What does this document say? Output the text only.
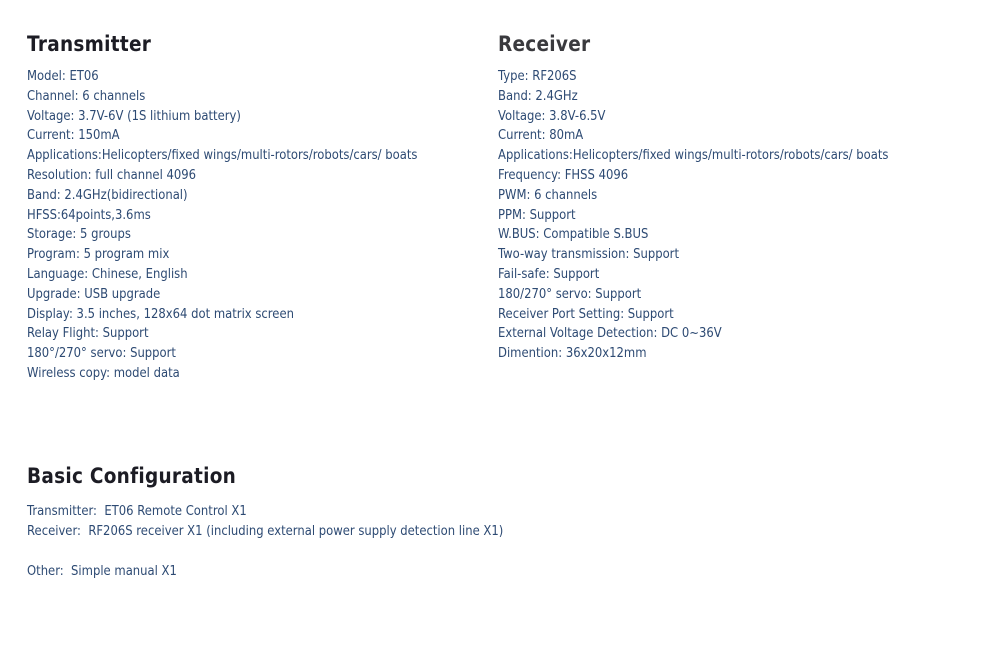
Transmitter
Model: ET06
Channel: 6 channels
Voltage: 3.7V-6V (1S lithium battery)
Current: 150mA
Applications:Helicopters/fixed wings/multi-rotors/robots/cars/ boats
Resolution: full channel 4096
Band: 2.4GHz(bidirectional)
HFSS:64points,3.6ms
Storage: 5 groups
Program: 5 program mix
Language: Chinese, English
Upgrade: USB upgrade
Display: 3.5 inches, 128x64 dot matrix screen
Relay Flight: Support
180°/270° servo: Support
Wireless copy: model data
Receiver
Type: RF206S
Band: 2.4GHz
Voltage: 3.8V-6.5V
Current: 80mA
Applications:Helicopters/fixed wings/multi-rotors/robots/cars/ boats
Frequency: FHSS 4096
PWM: 6 channels
PPM: Support
W.BUS: Compatible S.BUS
Two-way transmission: Support
Fail-safe: Support
180/270° servo: Support
Receiver Port Setting: Support
External Voltage Detection: DC 0~36V
Dimention: 36x20x12mm
Basic Configuration
Transmitter:  ET06 Remote Control X1
Receiver:  RF206S receiver X1 (including external power supply detection line X1)
Other:  Simple manual X1
